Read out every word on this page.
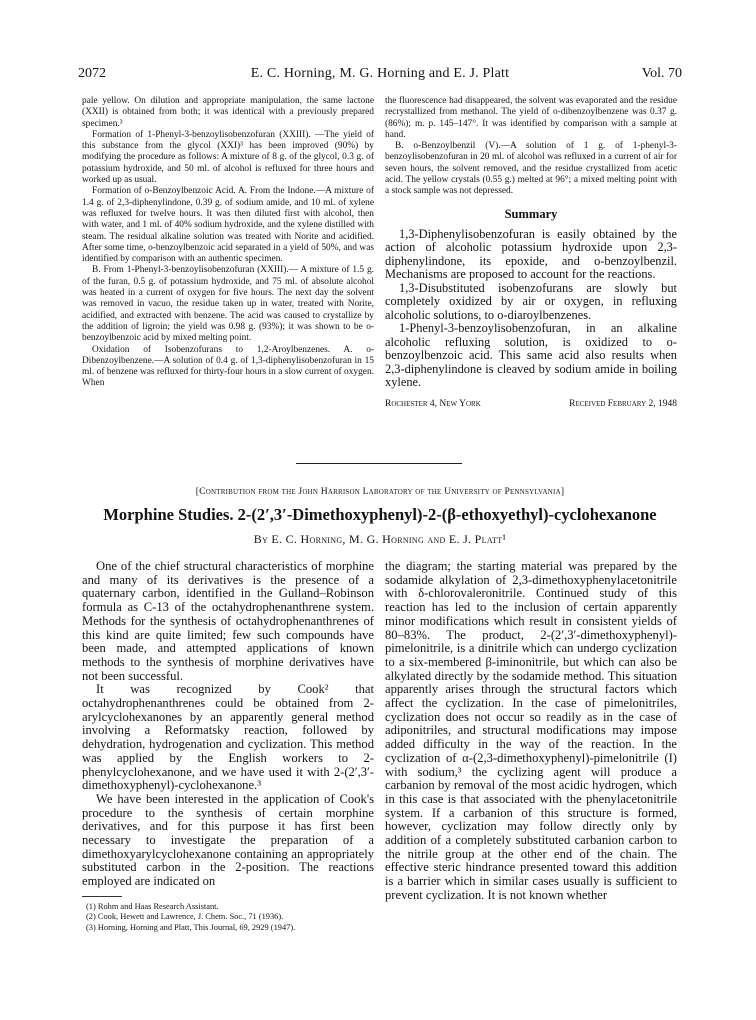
2072	E. C. Horning, M. G. Horning and E. J. Platt	Vol. 70

pale yellow. On dilution and appropriate manipulation, the same lactone (XXII) is obtained from both; it was identical with a previously prepared specimen.³

Formation of 1-Phenyl-3-benzoylisobenzofuran (XXIII). —The yield of this substance from the glycol (XXI)³ has been improved (90%) by modifying the procedure as follows: A mixture of 8 g. of the glycol, 0.3 g. of potassium hydroxide, and 50 ml. of alcohol is refluxed for three hours and worked up as usual.

Formation of o-Benzoylbenzoic Acid. A. From the Indone.—A mixture of 1.4 g. of 2,3-diphenylindone, 0.39 g. of sodium amide, and 10 ml. of xylene was refluxed for twelve hours. It was then diluted first with alcohol, then with water, and 1 ml. of 40% sodium hydroxide, and the xylene distilled with steam. The residual alkaline solution was treated with Norite and acidified. After some time, o-benzoylbenzoic acid separated in a yield of 50%, and was identified by comparison with an authentic specimen.

B. From 1-Phenyl-3-benzoylisobenzofuran (XXIII).— A mixture of 1.5 g. of the furan, 0.5 g. of potassium hydroxide, and 75 ml. of absolute alcohol was heated in a current of oxygen for five hours. The next day the solvent was removed in vacuo, the residue taken up in water, treated with Norite, acidified, and extracted with benzene. The acid was caused to crystallize by the addition of ligroin; the yield was 0.98 g. (93%); it was shown to be o-benzoylbenzoic acid by mixed melting point.

Oxidation of Isobenzofurans to 1,2-Aroylbenzenes. A. o-Dibenzoylbenzene.—A solution of 0.4 g. of 1,3-diphenylisobenzofuran in 15 ml. of benzene was refluxed for thirty-four hours in a slow current of oxygen. When

the fluorescence had disappeared, the solvent was evaporated and the residue recrystallized from methanol. The yield of o-dibenzoylbenzene was 0.37 g. (86%); m. p. 145–147°. It was identified by comparison with a sample at hand.

B. o-Benzoylbenzil (V).—A solution of 1 g. of 1-phenyl-3-benzoylisobenzofuran in 20 ml. of alcohol was refluxed in a current of air for seven hours, the solvent removed, and the residue crystallized from acetic acid. The yellow crystals (0.55 g.) melted at 96°; a mixed melting point with a stock sample was not depressed.

Summary

1,3-Diphenylisobenzofuran is easily obtained by the action of alcoholic potassium hydroxide upon 2,3-diphenylindone, its epoxide, and o-benzoylbenzil. Mechanisms are proposed to account for the reactions.

1,3-Disubstituted isobenzofurans are slowly but completely oxidized by air or oxygen, in refluxing alcoholic solutions, to o-diaroylbenzenes.

1-Phenyl-3-benzoylisobenzofuran, in an alkaline alcoholic refluxing solution, is oxidized to o-benzoylbenzoic acid. This same acid also results when 2,3-diphenylindone is cleaved by sodium amide in boiling xylene.

Rochester 4, New York	Received February 2, 1948
[Contribution from the John Harrison Laboratory of the University of Pennsylvania]
Morphine Studies. 2-(2′,3′-Dimethoxyphenyl)-2-(β-ethoxyethyl)-cyclohexanone
By E. C. Horning, M. G. Horning and E. J. Platt¹

One of the chief structural characteristics of morphine and many of its derivatives is the presence of a quaternary carbon, identified in the Gulland–Robinson formula as C-13 of the octahydrophenanthrene system. Methods for the synthesis of octahydrophenanthrenes of this kind are quite limited; few such compounds have been made, and attempted applications of known methods to the synthesis of morphine derivatives have not been successful.

It was recognized by Cook² that octahydrophenanthrenes could be obtained from 2-arylcyclohexanones by an apparently general method involving a Reformatsky reaction, followed by dehydration, hydrogenation and cyclization. This method was applied by the English workers to 2-phenylcyclohexanone, and we have used it with 2-(2′,3′-dimethoxyphenyl)-cyclohexanone.³

We have been interested in the application of Cook's procedure to the synthesis of certain morphine derivatives, and for this purpose it has first been necessary to investigate the preparation of a dimethoxyarylcyclohexanone containing an appropriately substituted carbon in the 2-position. The reactions employed are indicated on

(1) Rohm and Haas Research Assistant.

(2) Cook, Hewett and Lawrence, J. Chem. Soc., 71 (1936).

(3) Horning, Horning and Platt, This Journal, 69, 2929 (1947).

the diagram; the starting material was prepared by the sodamide alkylation of 2,3-dimethoxyphenylacetonitrile with δ-chlorovaleronitrile. Continued study of this reaction has led to the inclusion of certain apparently minor modifications which result in consistent yields of 80–83%. The product, 2-(2′,3′-dimethoxyphenyl)-pimelonitrile, is a dinitrile which can undergo cyclization to a six-membered β-iminonitrile, but which can also be alkylated directly by the sodamide method. This situation apparently arises through the structural factors which affect the cyclization. In the case of pimelonitriles, cyclization does not occur so readily as in the case of adiponitriles, and structural modifications may impose added difficulty in the way of the reaction. In the cyclization of α-(2,3-dimethoxyphenyl)-pimelonitrile (I) with sodium,³ the cyclizing agent will produce a carbanion by removal of the most acidic hydrogen, which in this case is that associated with the phenylacetonitrile system. If a carbanion of this structure is formed, however, cyclization may follow directly only by addition of a completely substituted carbanion carbon to the nitrile group at the other end of the chain. The effective steric hindrance presented toward this addition is a barrier which in similar cases usually is sufficient to prevent cyclization. It is not known whether
